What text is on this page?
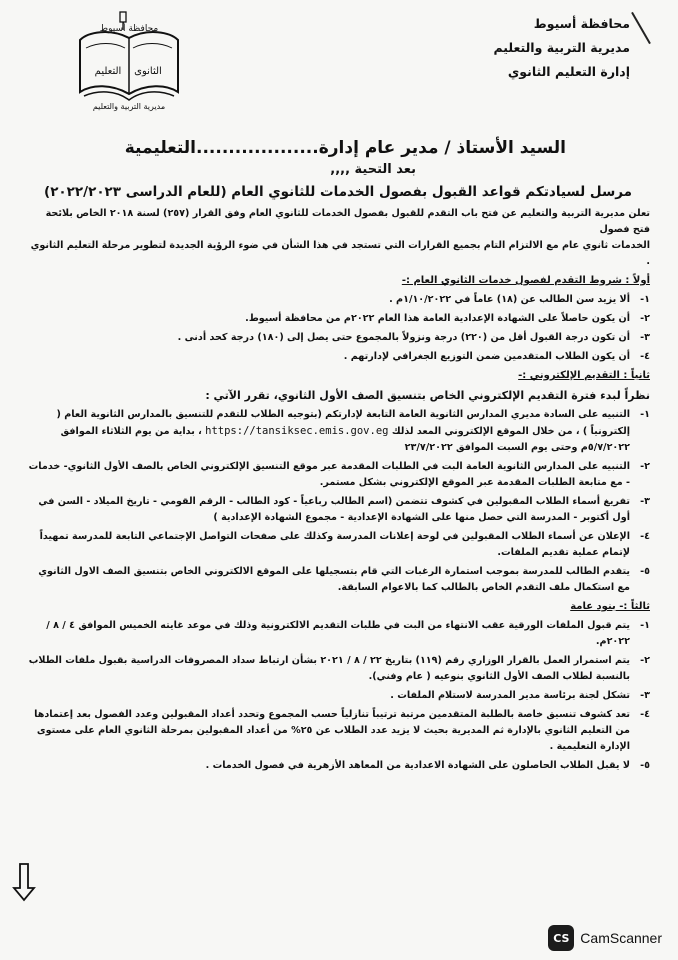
محافظة أسيوط
مديرية التربية والتعليم
إدارة التعليم الثانوي
الثانوى
التعليم
محافظة أسيوط
مديرية التربية والتعليم
السيد الأستاذ / مدير عام إدارة...................التعليمية
بعد التحية ,,,,
مرسل لسيادتكم قواعد القبول بفصول الخدمات للثانوي العام (للعام الدراسى ٢٠٢٢/٢٠٢٣)

تعلن مديرية التربية والتعليم عن فتح باب التقدم للقبول بفصول الخدمات للثانوي العام وفق القرار (٢٥٧) لسنة ٢٠١٨ الخاص بلائحة فتح فصول

الخدمات ثانوي عام مع الالتزام التام بجميع القرارات التي تستجد في هذا الشأن في ضوء الرؤية الجديدة لتطوير مرحلة التعليم الثانوي .

أولاً : شروط التقدم لفصول خدمات الثانوي العام :-
١-
ألا يزيد سن الطالب عن (١٨) عاماً في ١/١٠/٢٠٢٢م .
٢-
أن يكون حاصلاً على الشهادة الإعدادية العامة هذا العام ٢٠٢٢م من محافظة أسيوط.
٣-
أن تكون درجة القبول أقل من (٢٢٠) درجة ونزولاً بالمجموع حتى يصل إلى (١٨٠) درجة كحد أدنى .
٤-
أن يكون الطلاب المتقدمين ضمن التوزيع الجغرافي لإدارتهم .
ثانياً : التقديم الإلكتروني :-
نظراً لبدء فترة التقديم الإلكتروني الخاص بتنسيق الصف الأول الثانوي، تقرر الآتي :
١-
التنبيه على السادة مديري المدارس الثانوية العامة التابعة لإدارتكم (بتوجيه الطلاب للتقدم للتنسيق بالمدارس الثانوية العام ( إلكترونياً ) ، من خلال الموقع الإلكتروني المعد لذلك https://tansiksec.emis.gov.eg ، بداية من يوم الثلاثاء الموافق ٥/٧/٢٠٢٢م وحتى يوم السبت الموافق ٢٣/٧/٢٠٢٢
٢-
التنبيه على المدارس الثانوية العامة البت في الطلبات المقدمة عبر موقع التنسيق الإلكتروني الخاص بالصف الأول الثانوي- خدمات - مع متابعة الطلبات المقدمة عبر الموقع الإلكتروني بشكل مستمر.
٣-
تفريغ أسماء الطلاب المقبولين في كشوف تتضمن (اسم الطالب رباعياً - كود الطالب - الرقم القومي - تاريخ الميلاد - السن في أول أكتوبر - المدرسة التي حصل منها على الشهادة الإعدادية - مجموع الشهادة الإعدادية )
٤-
الإعلان عن أسماء الطلاب المقبولين في لوحة إعلانات المدرسة وكذلك على صفحات التواصل الإجتماعي التابعة للمدرسة تمهيداً لإتمام عملية تقديم الملفات.
٥-
يتقدم الطالب للمدرسة بموجب استمارة الرغبات التي قام بتسجيلها على الموقع الالكتروني الخاص بتنسيق الصف الاول الثانوي مع استكمال ملف التقدم الخاص بالطالب كما بالاعوام السابقة.
ثالثاً :- بنود عامة
١-
يتم قبول الملفات الورقية عقب الانتهاء من البت في طلبات التقديم الالكترونية وذلك في موعد غايته الخميس الموافق ٤ / ٨ /٢٠٢٢م.
٢-
يتم استمرار العمل بالقرار الوزاري رقم (١١٩) بتاريخ ٢٢ / ٨ / ٢٠٢١ بشأن ارتباط سداد المصروفات الدراسية بقبول ملفات الطلاب بالنسبة لطلاب الصف الأول الثانوي بنوعيه ( عام وفني).
٣-
تشكل لجنة برئاسة مدير المدرسة لاستلام الملفات .
٤-
تعد كشوف تنسيق خاصة بالطلبة المتقدمين مرتبة ترتيباً تنازلياً حسب المجموع وتحدد أعداد المقبولين وعدد الفصول بعد إعتمادها من التعليم الثانوي بالإدارة ثم المديرية بحيث لا يزيد عدد الطلاب عن ٢٥% من أعداد المقبولين بمرحلة الثانوي العام على مستوى الإدارة التعليمية .
٥-
لا يقبل الطلاب الحاصلون على الشهادة الاعدادية من المعاهد الأزهرية في فصول الخدمات .
CS CamScanner
